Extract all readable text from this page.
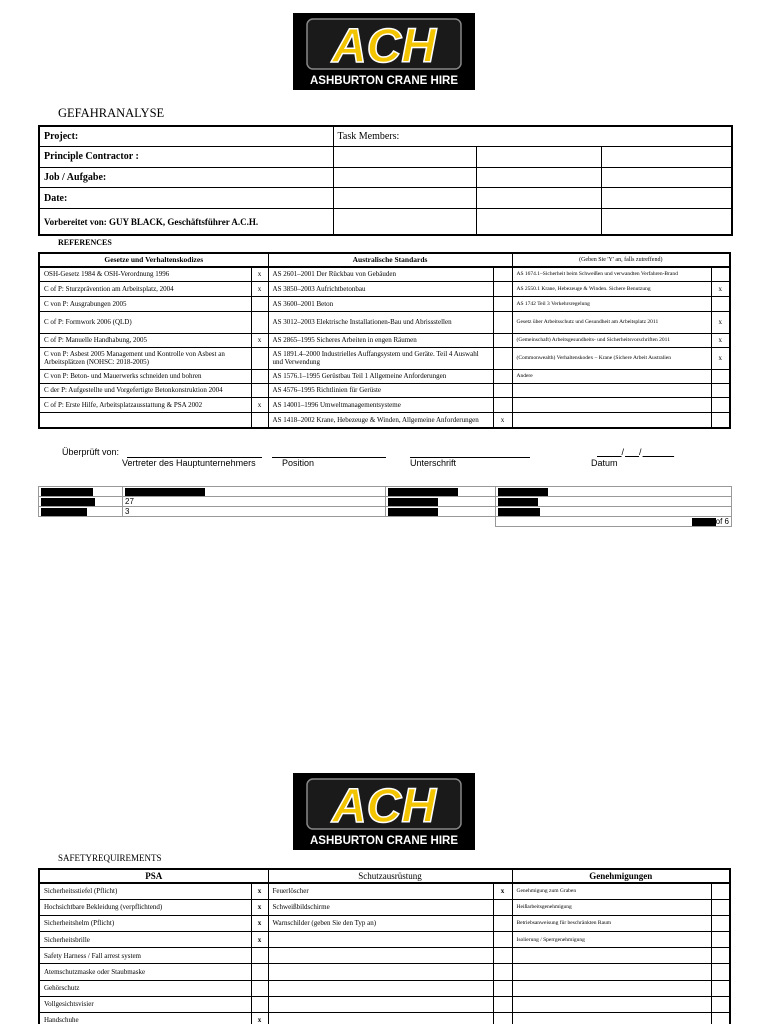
ACH
ASHBURTON CRANE HIRE
GEFAHRANALYSE
Project:	Task Members:		
Principle Contractor :			
Job / Aufgabe:			
Date:			
Vorbereitet von: GUY BLACK, Geschäftsführer A.C.H.			
REFERENCES
Gesetze und Verhaltenskodizes		Australische Standards		(Geben Sie 'Y' an, falls zutreffend)	
OSH-Gesetz 1984 & OSH-Verordnung 1996	x	AS 2601–2001 Der Rückbau von Gebäuden		AS 1674.1–Sicherheit beim Schweißen und verwandten Verfahren-Brand	
C of P: Sturzprävention am Arbeitsplatz, 2004	x	AS 3850–2003 Aufrichtbetonbau		AS 2550.1 Krane, Hebezeuge & Winden. Sichere Benutzung	x
C von P: Ausgrabungen 2005		AS 3600–2001 Beton		AS 1742 Teil 3 Verkehrsregelung	
C of P: Formwork 2006 (QLD)		AS 3012–2003 Elektrische Installationen-Bau und Abrissstellen		Gesetz über Arbeitsschutz und Gesundheit am Arbeitsplatz 2011	x
C of P: Manuelle Handhabung, 2005	x	AS 2865–1995 Sicheres Arbeiten in engen Räumen		(Gemeinschaft) Arbeitsgesundheits- und Sicherheitsvorschriften 2011	x
C von P: Asbest 2005 Management und Kontrolle von Asbest an Arbeitsplätzen (NOHSC: 2018-2005)		AS 1891.4–2000 Industrielles Auffangsystem und Geräte. Teil 4 Auswahl und Verwendung		(Commonwealth) Verhaltenskodex – Krane (Sichere Arbeit Australien	x
C von P: Beton- und Mauerwerks schneiden und bohren		AS 1576.1–1995 Gerüstbau Teil 1 Allgemeine Anforderungen		Andere	
C der P: Aufgestellte und Vorgefertigte Betonkonstruktion 2004		AS 4576–1995 Richtlinien für Gerüste			
C of P: Erste Hilfe, Arbeitsplatzausstattung & PSA 2002	x	AS 14001–1996 Umweltmanagementsysteme			
		AS 1418–2002 Krane, Hebezeuge & Winden, Allgemeine Anforderungen	x		
Überprüft von:	/ /
Vertreter des Hauptunternehmers	Position	Unterschrift	Datum

	27		
	3		
			of 6
ACH
ASHBURTON CRANE HIRE
SAFETYREQUIREMENTS
PSA		Schutzausrüstung		Genehmigungen	
Sicherheitsstiefel (Pflicht)	x	Feuerlöscher	x	Genehmigung zum Graben	
Hochsichtbare Bekleidung (verpflichtend)	x	Schweißbildschirme		Heißarbeitsgenehmigung	
Sicherheitshelm (Pflicht)	x	Warnschilder (geben Sie den Typ an)		Betriebsanweisung für beschränkten Raum	
Sicherheitsbrille	x			Isolierung / Sperrgenehmigung	
Safety Harness / Fall arrest system					
Atemschutzmaske oder Staubmaske					
Gehörschutz					
Vollgesichtsvisier					
Handschuhe	x				
